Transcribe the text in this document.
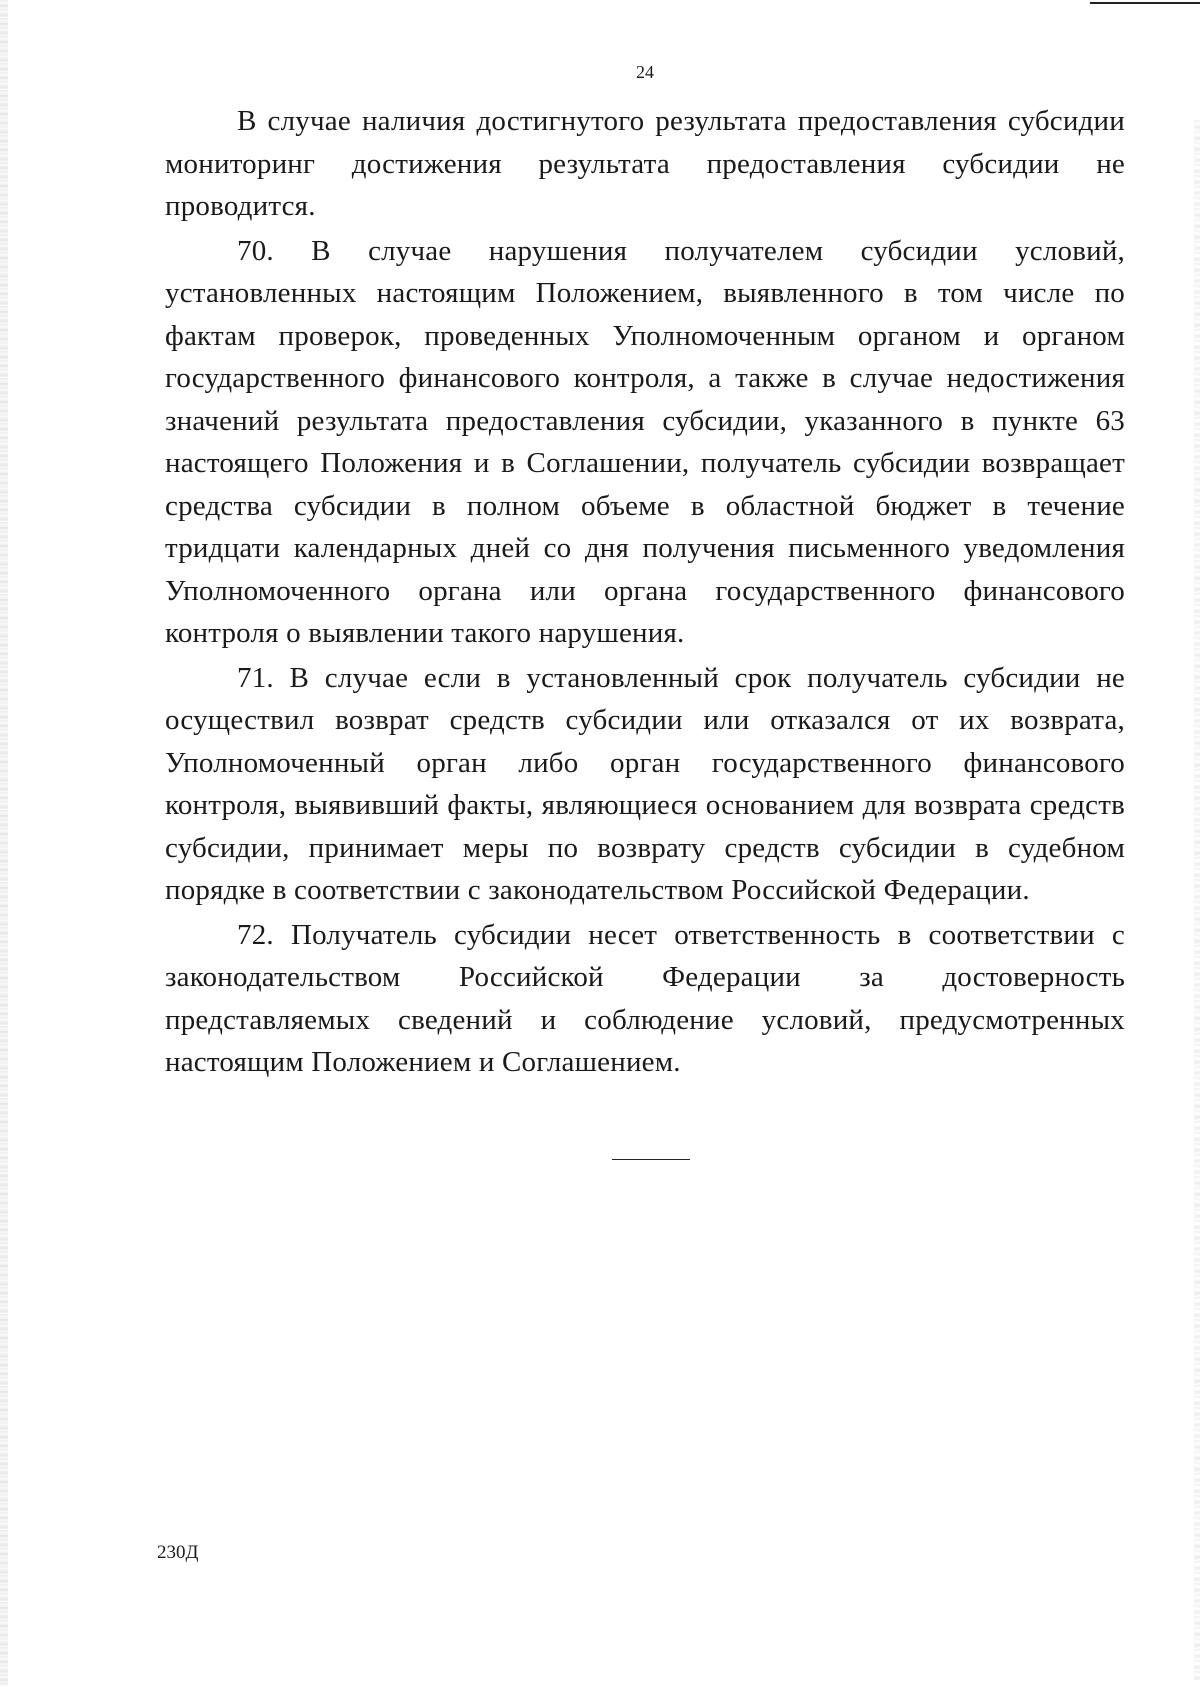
24

В случае наличия достигнутого результата предоставления субсидии мониторинг достижения результата предоставления субсидии не проводится.

70. В случае нарушения получателем субсидии условий, установленных настоящим Положением, выявленного в том числе по фактам проверок, проведенных Уполномоченным органом и органом государственного финансового контроля, а также в случае недостижения значений результата предоставления субсидии, указанного в пункте 63 настоящего Положения и в Соглашении, получатель субсидии возвращает средства субсидии в полном объеме в областной бюджет в течение тридцати календарных дней со дня получения письменного уведомления Уполномоченного органа или органа государственного финансового контроля о выявлении такого нарушения.

71. В случае если в установленный срок получатель субсидии не осуществил возврат средств субсидии или отказался от их возврата, Уполномоченный орган либо орган государственного финансового контроля, выявивший факты, являющиеся основанием для возврата средств субсидии, принимает меры по возврату средств субсидии в судебном порядке в соответствии с законодательством Российской Федерации.

72. Получатель субсидии несет ответственность в соответствии с законодательством Российской Федерации за достоверность представляемых сведений и соблюдение условий, предусмотренных настоящим Положением и Соглашением.

230Д
